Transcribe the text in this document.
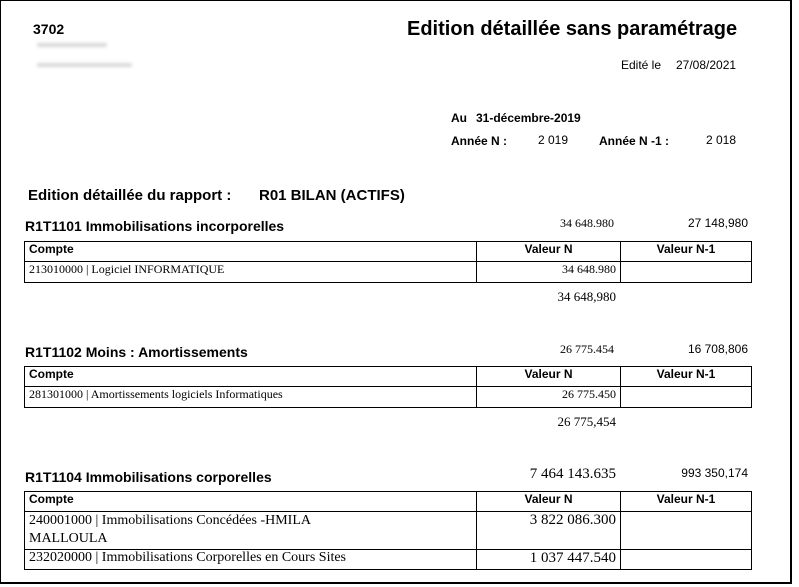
3702	Edition détaillée sans paramétrage
Edité le 27/08/2021
Au 31-décembre-2019
Année N :	2 019	Année N -1 :	2 018
Edition détaillée du rapport : R01 BILAN (ACTIFS)
R1T1101 Immobilisations incorporelles	34 648.980	27 148,980
Compte	Valeur N	Valeur N-1
213010000 | Logiciel INFORMATIQUE	34 648.980	
34 648,980
R1T1102 Moins : Amortissements	26 775.454	16 708,806
Compte	Valeur N	Valeur N-1
281301000 | Amortissements logiciels Informatiques	26 775.450	
26 775,454
R1T1104 Immobilisations corporelles	7 464 143.635	993 350,174
Compte	Valeur N	Valeur N-1
240001000 | Immobilisations Concédées -HMILA MALLOULA	3 822 086.300	
232020000 | Immobilisations Corporelles en Cours Sites	1 037 447.540	
